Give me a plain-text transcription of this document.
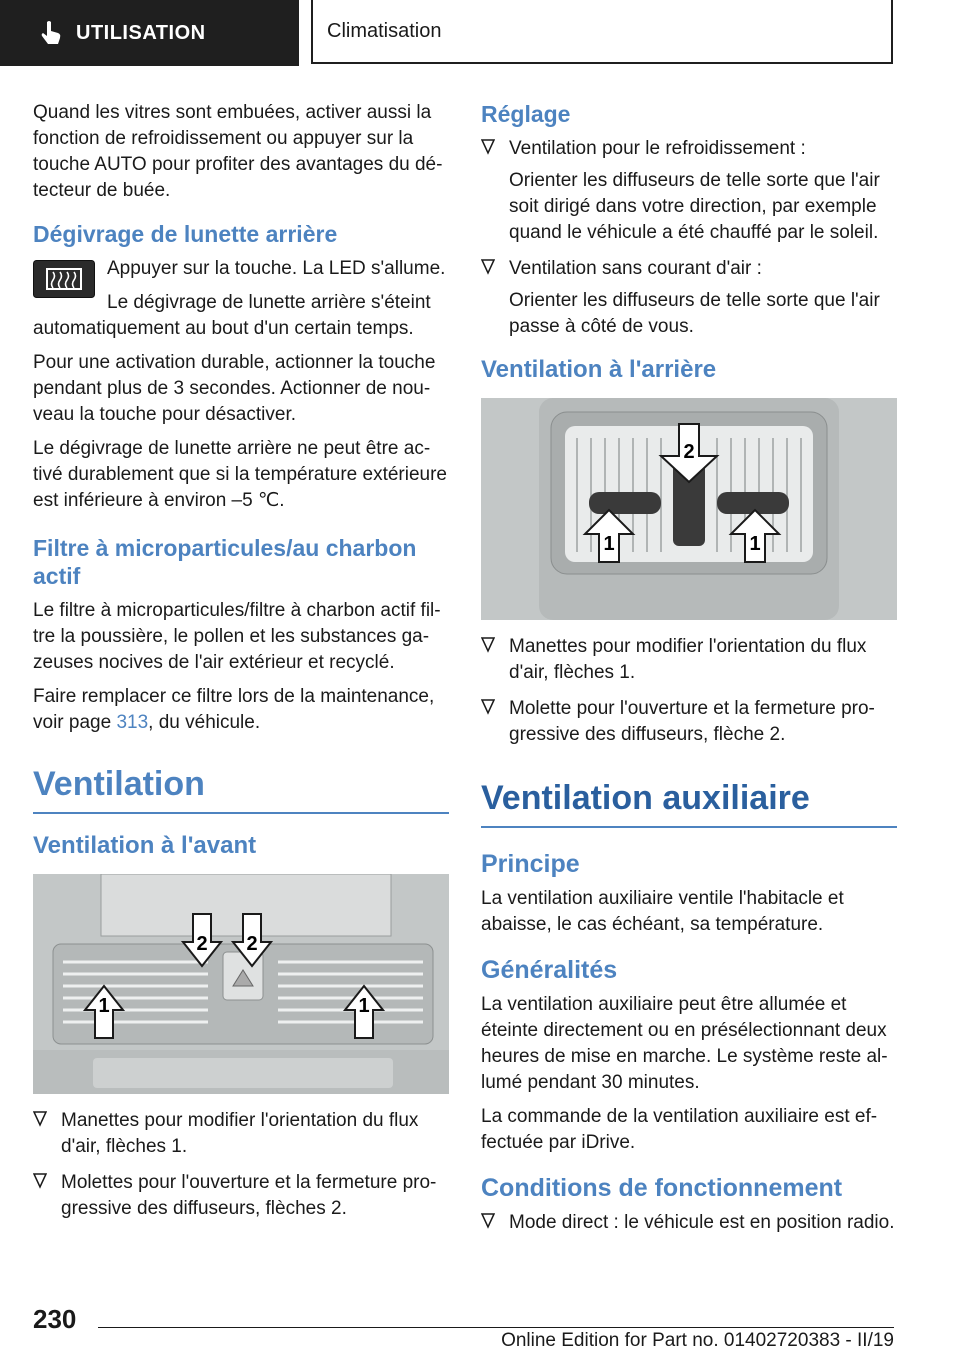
UTILISATION	Climatisation

Quand les vitres sont embuées, activer aussi la fonction de refroidissement ou appuyer sur la touche AUTO pour profiter des avantages du dé-tecteur de buée.

Dégivrage de lunette arrière

Appuyer sur la touche. La LED s'allume.

Le dégivrage de lunette arrière s'éteint automatiquement au bout d'un certain temps.

Pour une activation durable, actionner la touche pendant plus de 3 secondes. Actionner de nou-veau la touche pour désactiver.

Le dégivrage de lunette arrière ne peut être ac-tivé durablement que si la température extérieure est inférieure à environ –5 ℃.

Filtre à microparticules/au charbon actif

Le filtre à microparticules/filtre à charbon actif fil-tre la poussière, le pollen et les substances ga-zeuses nocives de l'air extérieur et recyclé.

Faire remplacer ce filtre lors de la maintenance, voir page 313, du véhicule.

Ventilation
Ventilation à l'avant
2 2
1	1
Manettes pour modifier l'orientation du flux d'air, flèches 1.
Molettes pour l'ouverture et la fermeture pro-gressive des diffuseurs, flèches 2.
Réglage
Ventilation pour le refroidissement :
Orienter les diffuseurs de telle sorte que l'air soit dirigé dans votre direction, par exemple quand le véhicule a été chauffé par le soleil.
Ventilation sans courant d'air :
Orienter les diffuseurs de telle sorte que l'air passe à côté de vous.
Ventilation à l'arrière
2
1	1
Manettes pour modifier l'orientation du flux d'air, flèches 1.
Molette pour l'ouverture et la fermeture pro-gressive des diffuseurs, flèche 2.
Ventilation auxiliaire
Principe

La ventilation auxiliaire ventile l'habitacle et abaisse, le cas échéant, sa température.

Généralités

La ventilation auxiliaire peut être allumée et éteinte directement ou en présélectionnant deux heures de mise en marche. Le système reste al-lumé pendant 30 minutes.

La commande de la ventilation auxiliaire est ef-fectuée par iDrive.

Conditions de fonctionnement
Mode direct : le véhicule est en position radio.
230
Online Edition for Part no. 01402720383 - II/19
